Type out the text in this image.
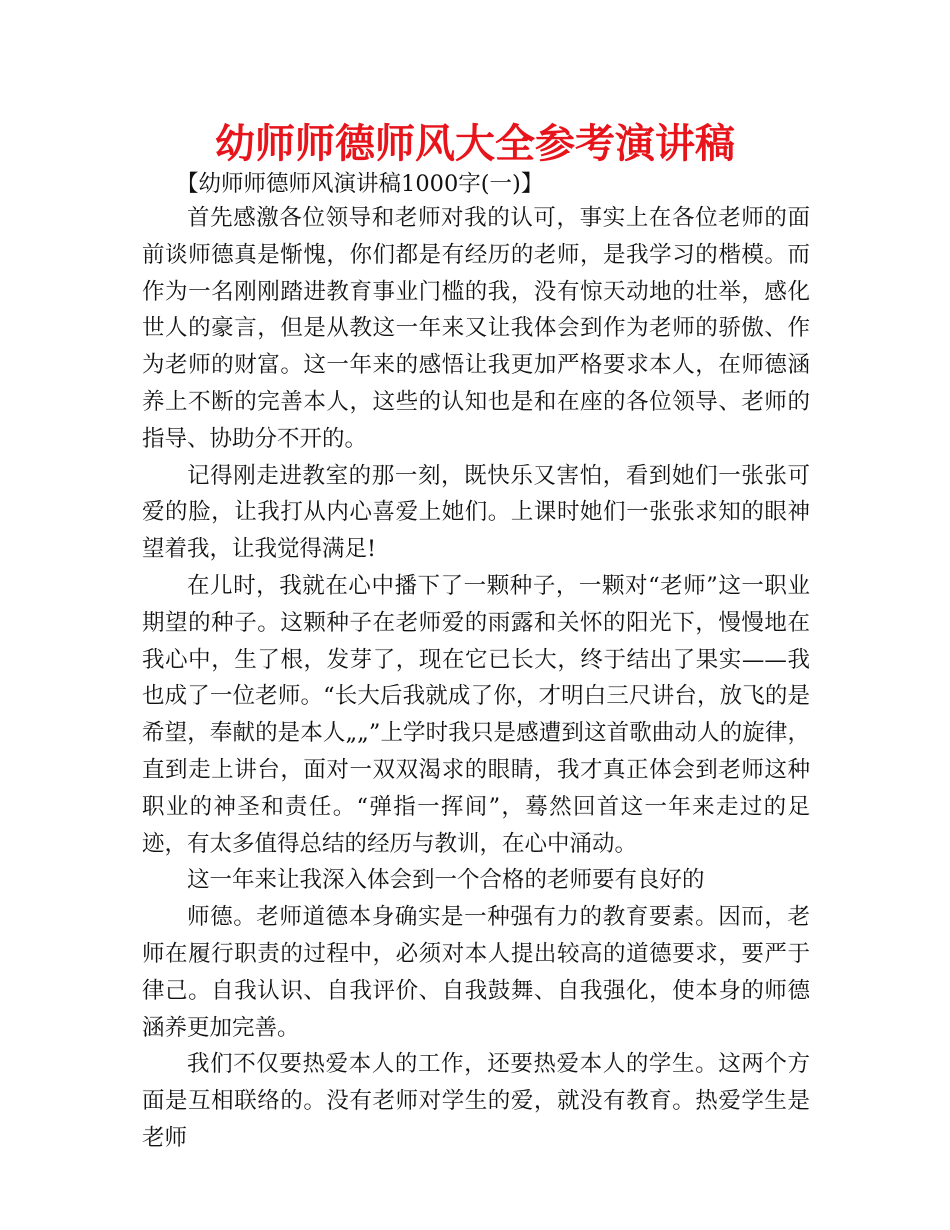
幼师师德师风大全参考演讲稿
【幼师师德师风演讲稿1000字(一)】

首先感激各位领导和老师对我的认可，事实上在各位老师的面前谈师德真是惭愧，你们都是有经历的老师，是我学习的楷模。而作为一名刚刚踏进教育事业门槛的我，没有惊天动地的壮举，感化世人的豪言，但是从教这一年来又让我体会到作为老师的骄傲、作为老师的财富。这一年来的感悟让我更加严格要求本人，在师德涵养上不断的完善本人，这些的认知也是和在座的各位领导、老师的指导、协助分不开的。

记得刚走进教室的那一刻，既快乐又害怕，看到她们一张张可爱的脸，让我打从内心喜爱上她们。上课时她们一张张求知的眼神望着我，让我觉得满足!

在儿时，我就在心中播下了一颗种子，一颗对“老师”这一职业期望的种子。这颗种子在老师爱的雨露和关怀的阳光下，慢慢地在我心中，生了根，发芽了，现在它已长大，终于结出了果实——我也成了一位老师。“长大后我就成了你，才明白三尺讲台，放飞的是希望，奉献的是本人„„”上学时我只是感遭到这首歌曲动人的旋律，直到走上讲台，面对一双双渴求的眼睛，我才真正体会到老师这种职业的神圣和责任。“弹指一挥间”，蓦然回首这一年来走过的足迹，有太多值得总结的经历与教训，在心中涌动。

这一年来让我深入体会到一个合格的老师要有良好的

师德。老师道德本身确实是一种强有力的教育要素。因而，老师在履行职责的过程中，必须对本人提出较高的道德要求，要严于律己。自我认识、自我评价、自我鼓舞、自我强化，使本身的师德涵养更加完善。

我们不仅要热爱本人的工作，还要热爱本人的学生。这两个方面是互相联络的。没有老师对学生的爱，就没有教育。热爱学生是老师
